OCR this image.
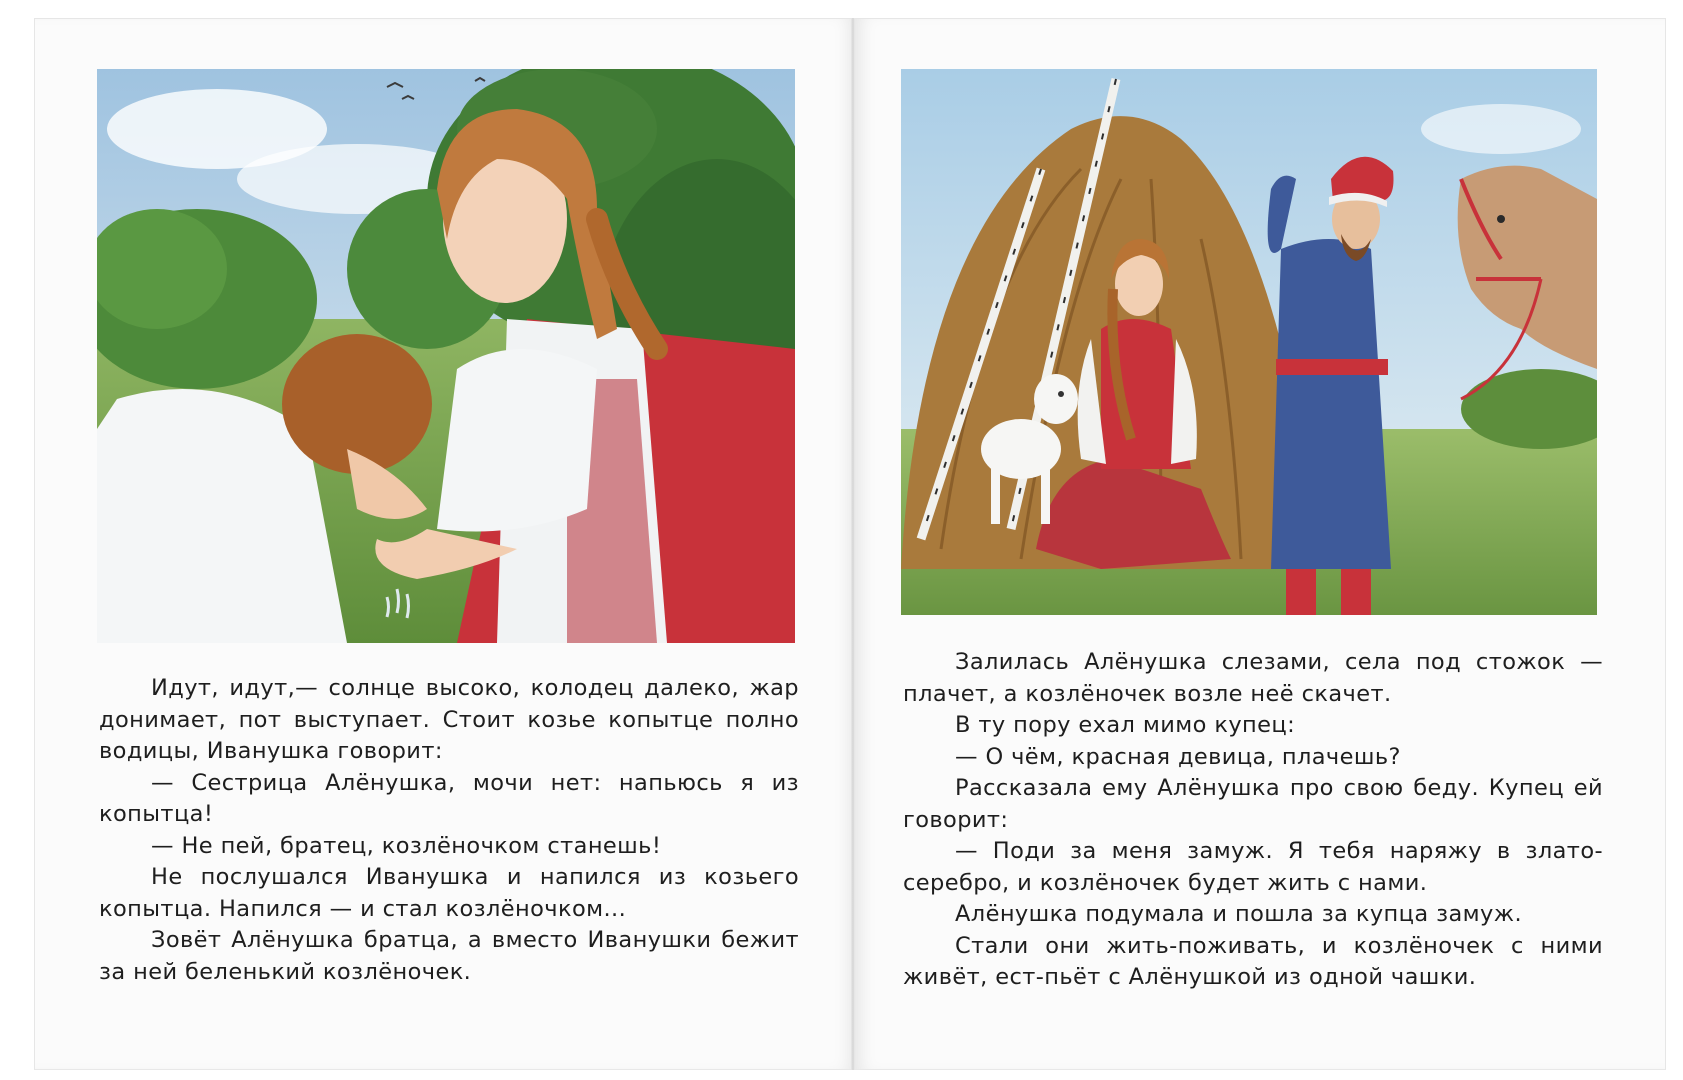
Идут, идут,— солнце высоко, колодец далеко, жар донимает, пот выступает. Стоит козье копытце полно водицы, Иванушка говорит:

— Сестрица Алёнушка, мочи нет: напьюсь я из копытца!

— Не пей, братец, козлёночком станешь!

Не послушался Иванушка и напился из козьего копытца. Напился — и стал козлёночком...

Зовёт Алёнушка братца, а вместо Иванушки бежит за ней беленький козлёночек.

Залилась Алёнушка слезами, села под стожок — плачет, а козлёночек возле неё скачет.

В ту пору ехал мимо купец:

— О чём, красная девица, плачешь?

Рассказала ему Алёнушка про свою беду. Купец ей говорит:

— Поди за меня замуж. Я тебя наряжу в злато-серебро, и козлёночек будет жить с нами.

Алёнушка подумала и пошла за купца замуж.

Стали они жить-поживать, и козлёночек с ними живёт, ест-пьёт с Алёнушкой из одной чашки.
